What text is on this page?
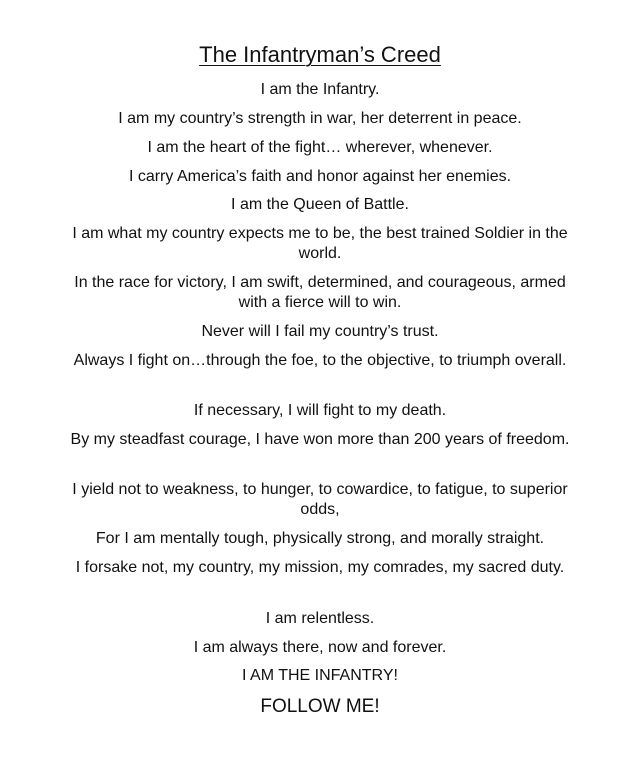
The Infantryman’s Creed

I am the Infantry.

I am my country’s strength in war, her deterrent in peace.

I am the heart of the fight… wherever, whenever.

I carry America’s faith and honor against her enemies.

I am the Queen of Battle.

I am what my country expects me to be, the best trained Soldier in the world.

In the race for victory, I am swift, determined, and courageous, armed with a fierce will to win.

Never will I fail my country’s trust.

Always I fight on…through the foe, to the objective, to triumph overall.

If necessary, I will fight to my death.

By my steadfast courage, I have won more than 200 years of freedom.

I yield not to weakness, to hunger, to cowardice, to fatigue, to superior odds,

For I am mentally tough, physically strong, and morally straight.

I forsake not, my country, my mission, my comrades, my sacred duty.

I am relentless.

I am always there, now and forever.

I AM THE INFANTRY!

FOLLOW ME!
